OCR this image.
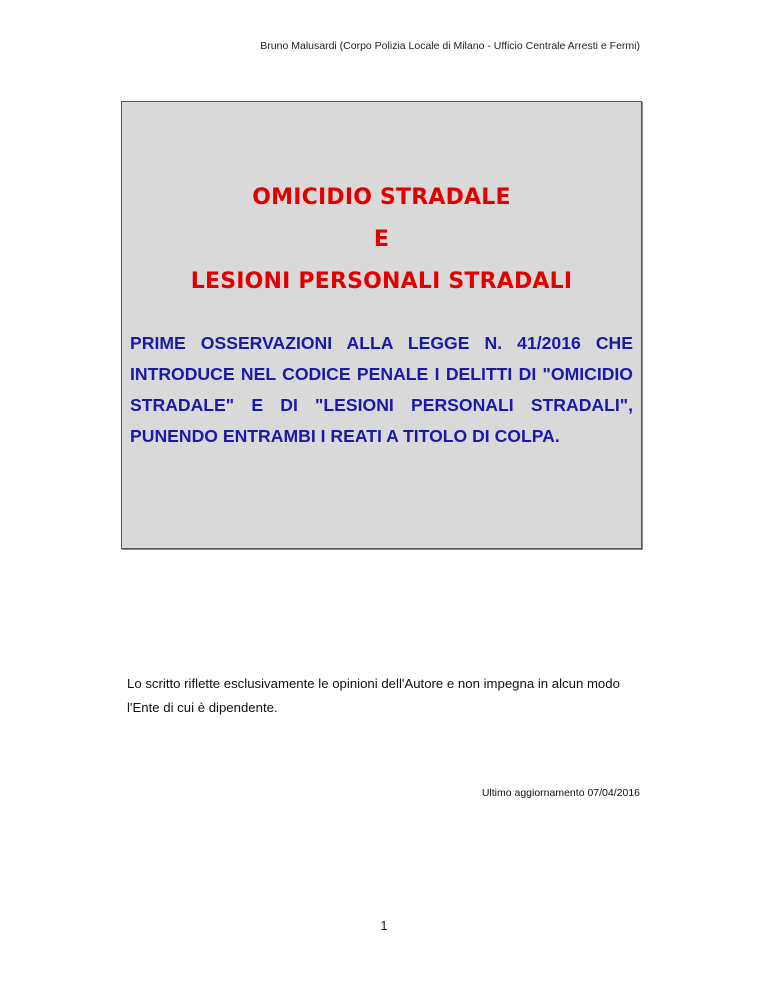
Bruno Malusardi (Corpo Polizia Locale di Milano - Ufficio Centrale Arresti e Fermi)
OMICIDIO STRADALE
E
LESIONI PERSONALI STRADALI
PRIME OSSERVAZIONI ALLA LEGGE N. 41/2016 CHE INTRODUCE NEL CODICE PENALE I DELITTI DI "OMICIDIO STRADALE" E DI "LESIONI PERSONALI STRADALI", PUNENDO ENTRAMBI I REATI A TITOLO DI COLPA.
Lo scritto riflette esclusivamente le opinioni dell'Autore e non impegna in alcun modo l'Ente di cui è dipendente.
Ultimo aggiornamento 07/04/2016
1
